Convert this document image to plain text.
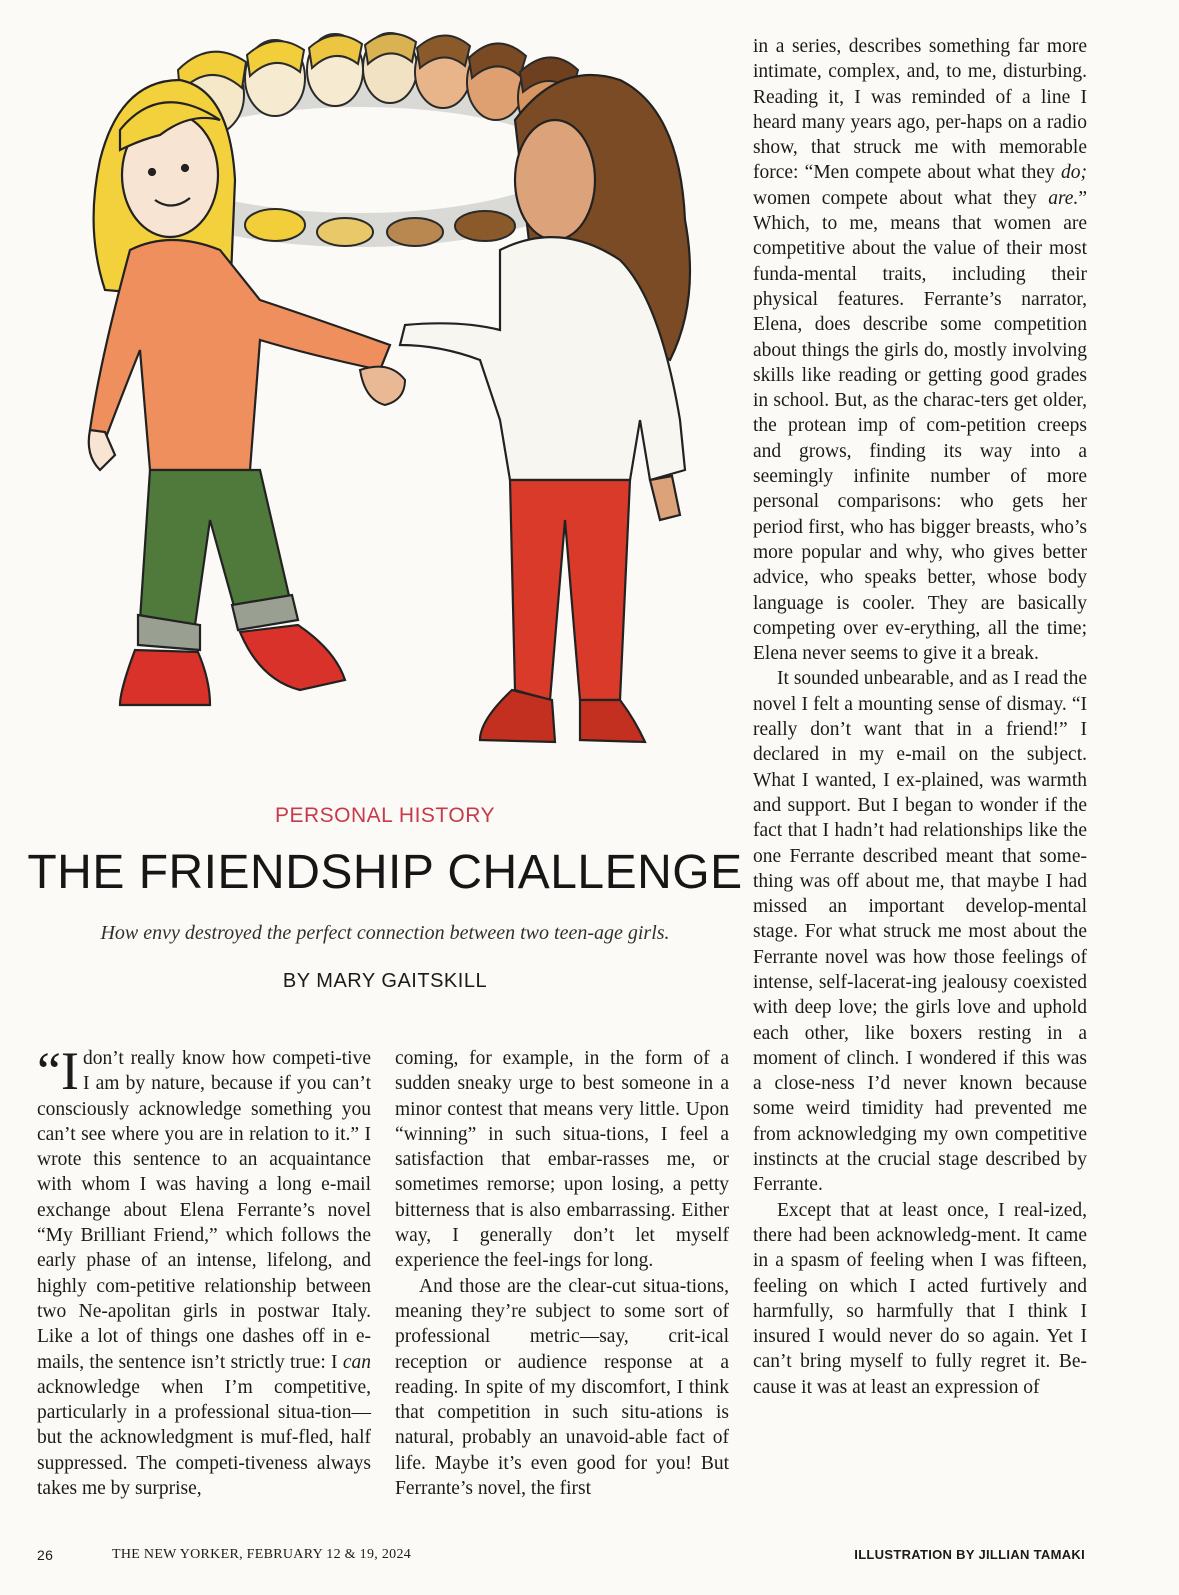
PERSONAL HISTORY
THE FRIENDSHIP CHALLENGE
How envy destroyed the perfect connection between two teen-age girls.
BY MARY GAITSKILL

“Idon’t really know how competi-tive I am by nature, because if you can’t consciously acknowledge something you can’t see where you are in relation to it.” I wrote this sentence to an acquaintance with whom I was having a long e-mail exchange about Elena Ferrante’s novel “My Brilliant Friend,” which follows the early phase of an intense, lifelong, and highly com-petitive relationship between two Ne-apolitan girls in postwar Italy. Like a lot of things one dashes off in e-mails, the sentence isn’t strictly true: I can acknowledge when I’m competitive, particularly in a professional situa-tion—but the acknowledgment is muf-fled, half suppressed. The competi-tiveness always takes me by surprise,

coming, for example, in the form of a sudden sneaky urge to best someone in a minor contest that means very little. Upon “winning” in such situa-tions, I feel a satisfaction that embar-rasses me, or sometimes remorse; upon losing, a petty bitterness that is also embarrassing. Either way, I generally don’t let myself experience the feel-ings for long.

And those are the clear-cut situa-tions, meaning they’re subject to some sort of professional metric—say, crit-ical reception or audience response at a reading. In spite of my discomfort, I think that competition in such situ-ations is natural, probably an unavoid-able fact of life. Maybe it’s even good for you! But Ferrante’s novel, the first

in a series, describes something far more intimate, complex, and, to me, disturbing. Reading it, I was reminded of a line I heard many years ago, per-haps on a radio show, that struck me with memorable force: “Men compete about what they do; women compete about what they are.” Which, to me, means that women are competitive about the value of their most funda-mental traits, including their physical features. Ferrante’s narrator, Elena, does describe some competition about things the girls do, mostly involving skills like reading or getting good grades in school. But, as the charac-ters get older, the protean imp of com-petition creeps and grows, finding its way into a seemingly infinite number of more personal comparisons: who gets her period first, who has bigger breasts, who’s more popular and why, who gives better advice, who speaks better, whose body language is cooler. They are basically competing over ev-erything, all the time; Elena never seems to give it a break.

It sounded unbearable, and as I read the novel I felt a mounting sense of dismay. “I really don’t want that in a friend!” I declared in my e-mail on the subject. What I wanted, I ex-plained, was warmth and support. But I began to wonder if the fact that I hadn’t had relationships like the one Ferrante described meant that some-thing was off about me, that maybe I had missed an important develop-mental stage. For what struck me most about the Ferrante novel was how those feelings of intense, self-lacerat-ing jealousy coexisted with deep love; the girls love and uphold each other, like boxers resting in a moment of clinch. I wondered if this was a close-ness I’d never known because some weird timidity had prevented me from acknowledging my own competitive instincts at the crucial stage described by Ferrante.

Except that at least once, I real-ized, there had been acknowledg-ment. It came in a spasm of feeling when I was fifteen, feeling on which I acted furtively and harmfully, so harmfully that I think I insured I would never do so again. Yet I can’t bring myself to fully regret it. Be-cause it was at least an expression of

26	THE NEW YORKER, FEBRUARY 12 & 19, 2024	ILLUSTRATION BY JILLIAN TAMAKI
